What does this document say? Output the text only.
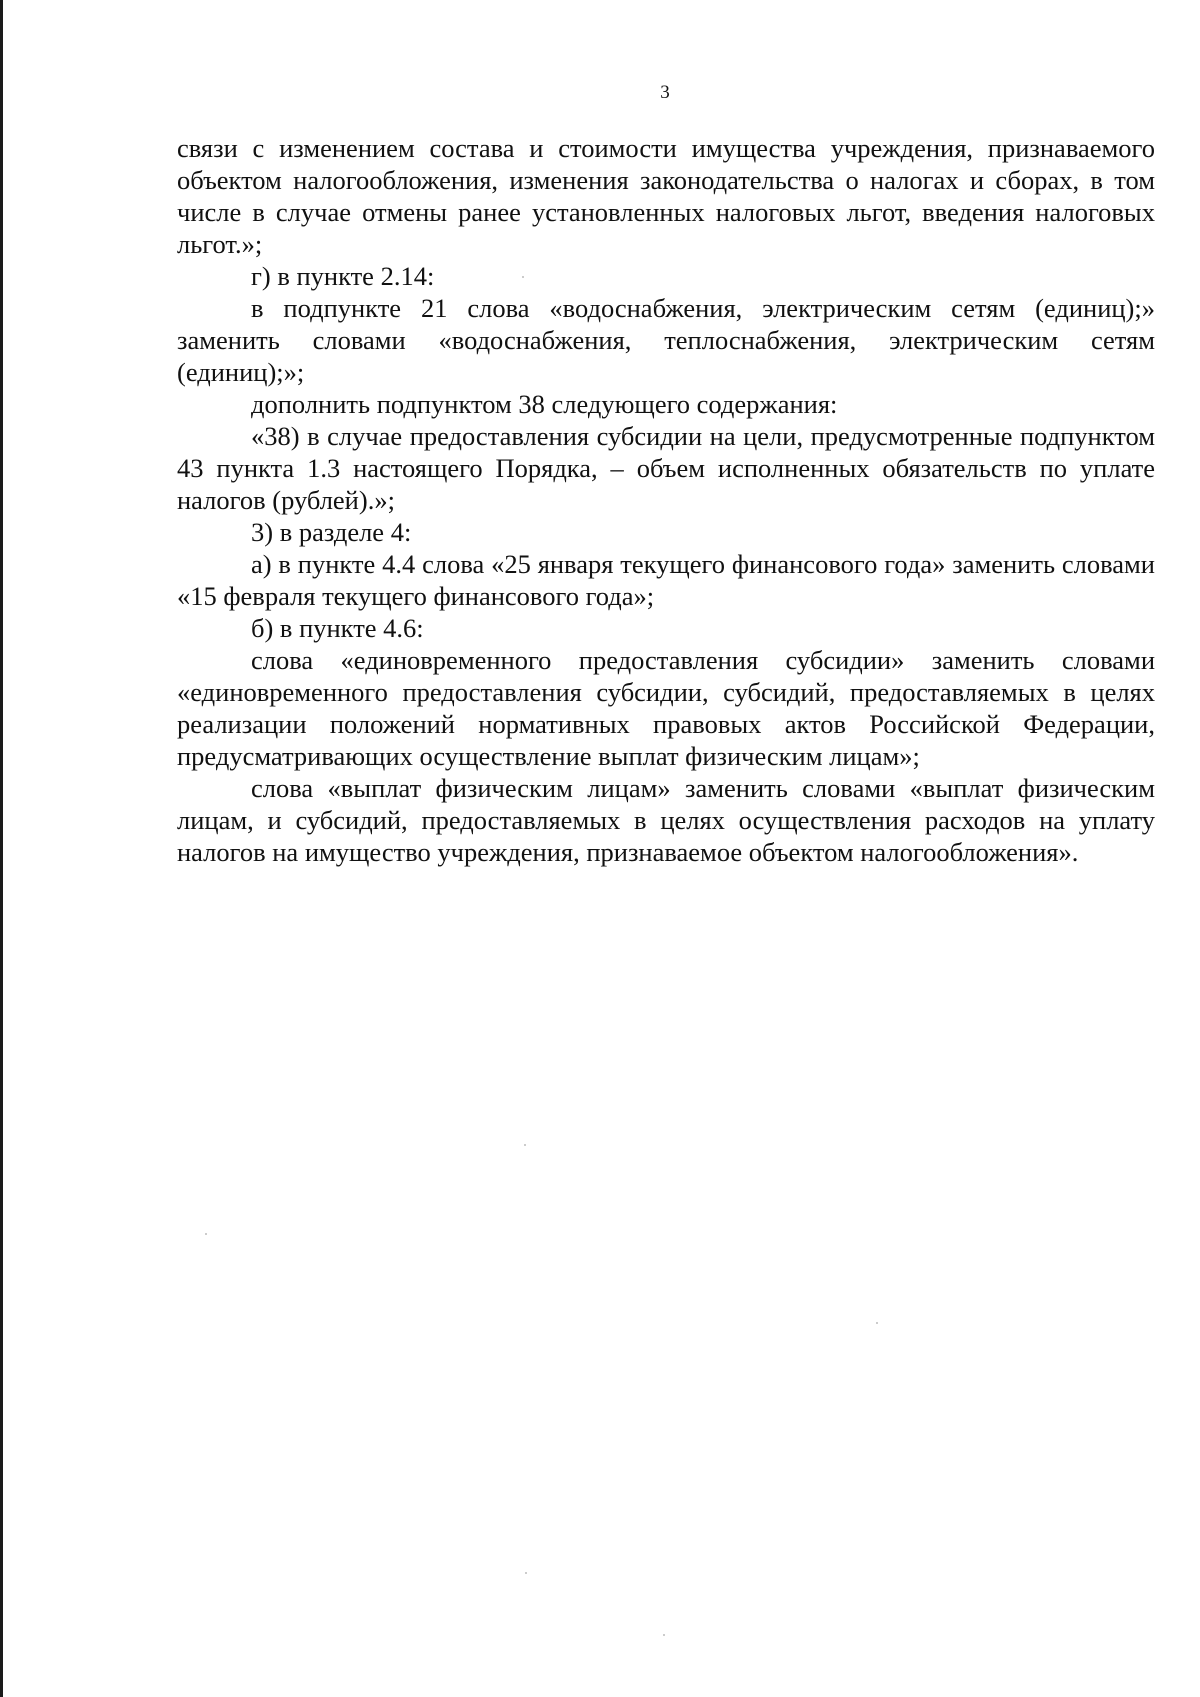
3

связи с изменением состава и стоимости имущества учреждения, признаваемого объектом налогообложения, изменения законодательства о налогах и сборах, в том числе в случае отмены ранее установленных налоговых льгот, введения налоговых льгот.»;

г) в пункте 2.14:

в подпункте 21 слова «водоснабжения, электрическим сетям (единиц);» заменить словами «водоснабжения, теплоснабжения, электрическим сетям (единиц);»;

дополнить подпунктом 38 следующего содержания:

«38) в случае предоставления субсидии на цели, предусмотренные подпунктом 43 пункта 1.3 настоящего Порядка, – объем исполненных обязательств по уплате налогов (рублей).»;

3) в разделе 4:

а) в пункте 4.4 слова «25 января текущего финансового года» заменить словами «15 февраля текущего финансового года»;

б) в пункте 4.6:

слова «единовременного предоставления субсидии» заменить словами «единовременного предоставления субсидии, субсидий, предоставляемых в целях реализации положений нормативных правовых актов Российской Федерации, предусматривающих осуществление выплат физическим лицам»;

слова «выплат физическим лицам» заменить словами «выплат физическим лицам, и субсидий, предоставляемых в целях осуществления расходов на уплату налогов на имущество учреждения, признаваемое объектом налогообложения».
